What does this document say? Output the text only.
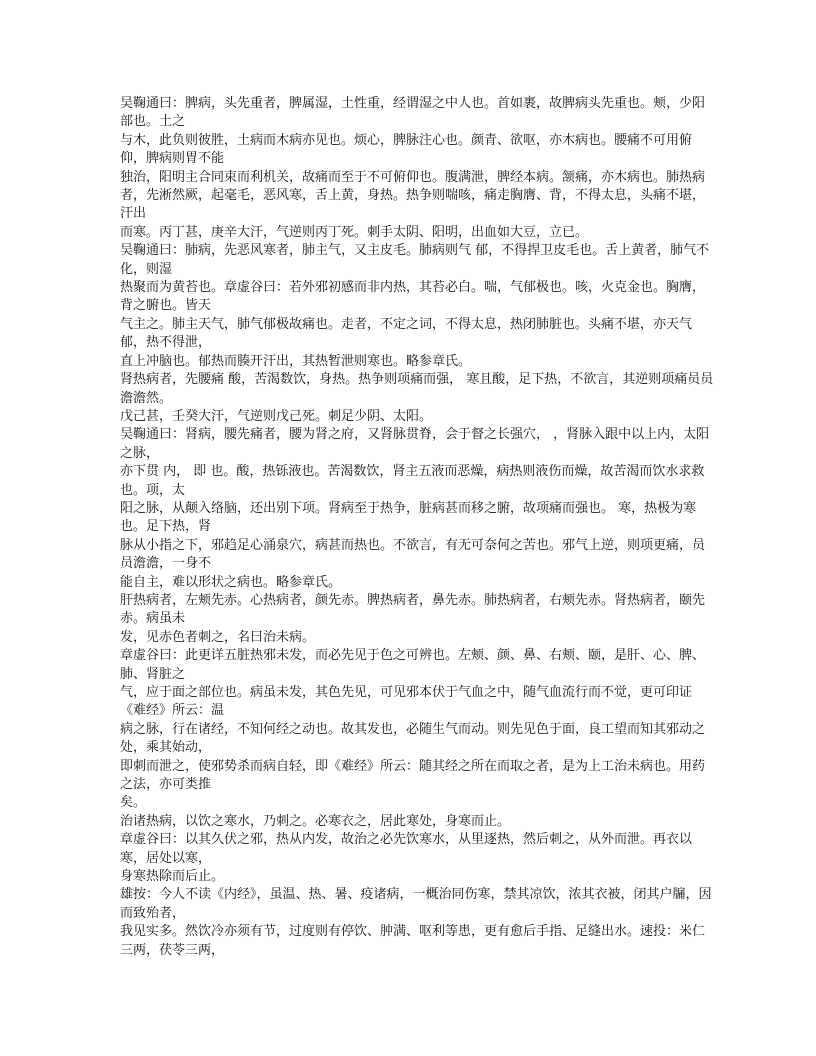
吴鞠通曰：脾病，头先重者，脾属湿，土性重，经谓湿之中人也。首如裹，故脾病头先重也。颊，少阳部也。土之
与木，此负则彼胜，土病而木病亦见也。烦心，脾脉注心也。颜青、欲呕，亦木病也。腰痛不可用俯仰，脾病则胃不能
独治，阳明主合同束而利机关，故痛而至于不可俯仰也。腹满泄，脾经本病。颔痛，亦木病也。肺热病者，先淅然厥，起毫毛，恶风寒，舌上黄，身热。热争则喘咳，痛走胸膺、背，不得太息，头痛不堪，汗出
而寒。丙丁甚，庚辛大汗，气逆则丙丁死。刺手太阴、阳明，出血如大豆，立已。
吴鞠通曰：肺病，先恶风寒者，肺主气，又主皮毛。肺病则气 郁，不得捍卫皮毛也。舌上黄者，肺气不化，则湿
热聚而为黄苔也。章虚谷曰：若外邪初感而非内热，其苔必白。喘，气郁极也。咳，火克金也。胸膺，背之腑也。皆天
气主之。肺主天气，肺气郁极故痛也。走者，不定之词，不得太息，热闭肺脏也。头痛不堪，亦天气 郁，热不得泄，
直上冲脑也。郁热而腠开汗出，其热暂泄则寒也。略参章氏。
肾热病者，先腰痛 酸，苦渴数饮，身热。热争则项痛而强， 寒且酸，足下热，不欲言，其逆则项痛员员澹澹然。
戊己甚，壬癸大汗，气逆则戊己死。刺足少阴、太阳。
吴鞠通曰：肾病，腰先痛者，腰为肾之府，又肾脉贯脊，会于督之长强穴， ，肾脉入跟中以上内，太阳之脉，
亦下贯 内， 即 也。酸，热铄液也。苦渴数饮，肾主五液而恶燥，病热则液伤而燥，故苦渴而饮水求救也。项，太
阳之脉，从颠入络脑，还出别下项。肾病至于热争，脏病甚而移之腑，故项痛而强也。 寒，热极为寒也。足下热，肾
脉从小指之下，邪趋足心涌泉穴，病甚而热也。不欲言，有无可奈何之苦也。邪气上逆，则项更痛，员员澹澹，一身不
能自主，难以形状之病也。略参章氏。
肝热病者，左颊先赤。心热病者，颜先赤。脾热病者，鼻先赤。肺热病者，右颊先赤。肾热病者，颐先赤。病虽未
发，见赤色者刺之，名曰治未病。
章虚谷曰：此更详五脏热邪未发，而必先见于色之可辨也。左颊、颜、鼻、右颊、颐，是肝、心、脾、肺、肾脏之
气，应于面之部位也。病虽未发，其色先见，可见邪本伏于气血之中，随气血流行而不觉，更可印证《难经》所云：温
病之脉，行在诸经，不知何经之动也。故其发也，必随生气而动。则先见色于面，良工望而知其邪动之处，乘其始动，
即刺而泄之，使邪势杀而病自轻，即《难经》所云：随其经之所在而取之者，是为上工治未病也。用药之法，亦可类推
矣。
治诸热病，以饮之寒水，乃刺之。必寒衣之，居此寒处，身寒而止。
章虚谷曰：以其久伏之邪，热从内发，故治之必先饮寒水，从里逐热，然后刺之，从外而泄。再衣以寒，居处以寒，
身寒热除而后止。
雄按：今人不读《内经》，虽温、热、暑、疫诸病，一概治同伤寒，禁其凉饮，浓其衣被，闭其户牖，因而致殆者，
我见实多。然饮冷亦须有节，过度则有停饮、肿满、呕利等患，更有愈后手指、足缝出水。速投：米仁三两，茯苓三两，
